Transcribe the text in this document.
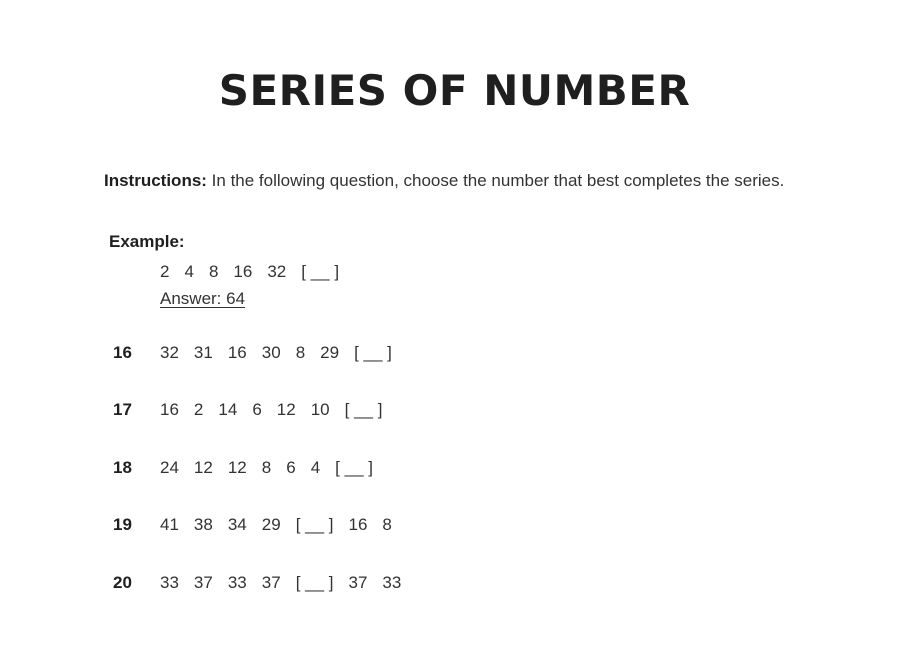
SERIES OF NUMBER
Instructions: In the following question, choose the number that best completes the series.
Example:
2 4 8 16 32 [ __ ]
Answer: 64
16	32 31 16 30 8 29 [ __ ]
17	16 2 14 6 12 10 [ __ ]
18	24 12 12 8 6 4 [ __ ]
19	41 38 34 29 [ __ ] 16 8
20	33 37 33 37 [ __ ] 37 33
